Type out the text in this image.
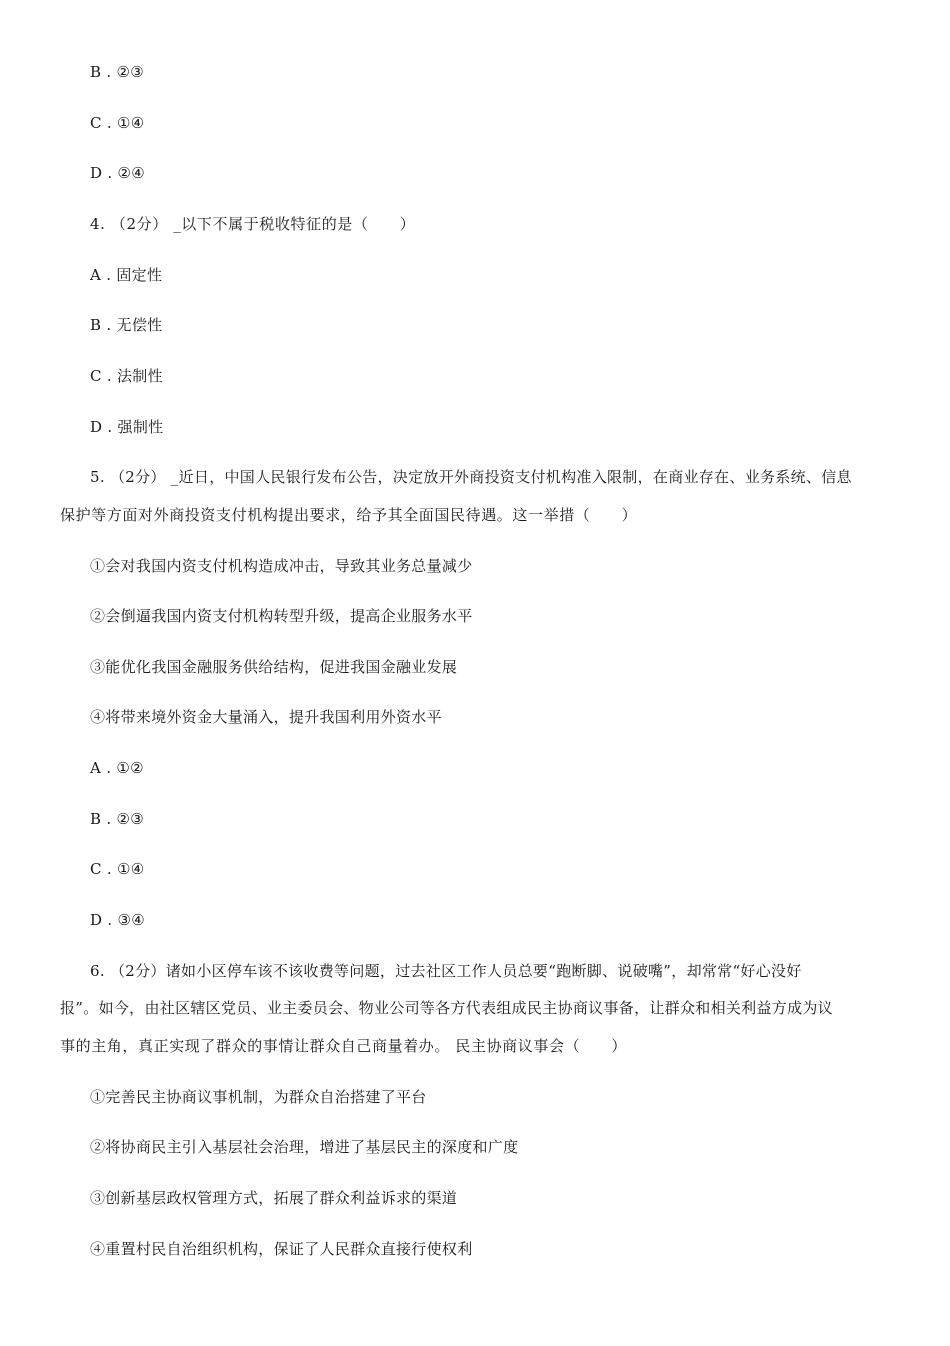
B . ②③
C . ①④
D . ②④
4. （2分） _以下不属于税收特征的是（　　）
A . 固定性
B . 无偿性
C . 法制性
D . 强制性
5. （2分） _近日，中国人民银行发布公告，决定放开外商投资支付机构准入限制，在商业存在、业务系统、信息
保护等方面对外商投资支付机构提出要求，给予其全面国民待遇。这一举措（　　）
①会对我国内资支付机构造成冲击，导致其业务总量减少
②会倒逼我国内资支付机构转型升级，提高企业服务水平
③能优化我国金融服务供给结构，促进我国金融业发展
④将带来境外资金大量涌入，提升我国利用外资水平
A . ①②
B . ②③
C . ①④
D . ③④
6. （2分）诸如小区停车该不该收费等问题，过去社区工作人员总要“跑断脚、说破嘴”，却常常“好心没好
报”。如今，由社区辖区党员、业主委员会、物业公司等各方代表组成民主协商议事备，让群众和相关利益方成为议
事的主角，真正实现了群众的事情让群众自己商量着办。 民主协商议事会（　　）
①完善民主协商议事机制，为群众自治搭建了平台
②将协商民主引入基层社会治理，增进了基层民主的深度和广度
③创新基层政权管理方式，拓展了群众利益诉求的渠道
④重置村民自治组织机构，保证了人民群众直接行使权利
